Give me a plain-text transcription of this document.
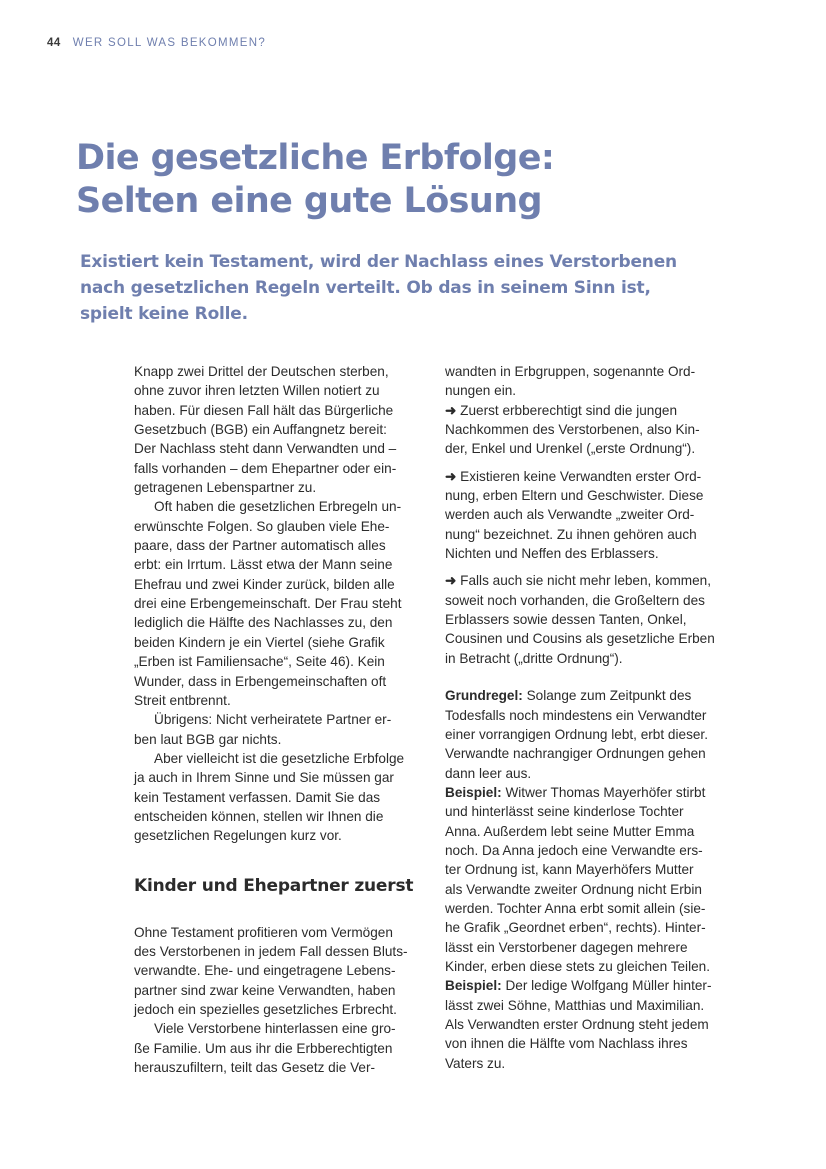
44 WER SOLL WAS BEKOMMEN?
Die gesetzliche Erbfolge:
Selten eine gute Lösung

Existiert kein Testament, wird der Nachlass eines Verstorbenen
nach gesetzlichen Regeln verteilt. Ob das in seinem Sinn ist,
spielt keine Rolle.

Knapp zwei Drittel der Deutschen sterben,
ohne zuvor ihren letzten Willen notiert zu
haben. Für diesen Fall hält das Bürgerliche
Gesetzbuch (BGB) ein Auffangnetz bereit:
Der Nachlass steht dann Verwandten und –
falls vorhanden – dem Ehepartner oder ein-
getragenen Lebenspartner zu.
Oft haben die gesetzlichen Erbregeln un-
erwünschte Folgen. So glauben viele Ehe-
paare, dass der Partner automatisch alles
erbt: ein Irrtum. Lässt etwa der Mann seine
Ehefrau und zwei Kinder zurück, bilden alle
drei eine Erbengemeinschaft. Der Frau steht
lediglich die Hälfte des Nachlasses zu, den
beiden Kindern je ein Viertel (siehe Grafik
„Erben ist Familiensache“, Seite 46). Kein
Wunder, dass in Erbengemeinschaften oft
Streit entbrennt.
Übrigens: Nicht verheiratete Partner er-
ben laut BGB gar nichts.
Aber vielleicht ist die gesetzliche Erbfolge
ja auch in Ihrem Sinne und Sie müssen gar
kein Testament verfassen. Damit Sie das
entscheiden können, stellen wir Ihnen die
gesetzlichen Regelungen kurz vor.
Kinder und Ehepartner zuerst
Ohne Testament profitieren vom Vermögen
des Verstorbenen in jedem Fall dessen Bluts-
verwandte. Ehe- und eingetragene Lebens-
partner sind zwar keine Verwandten, haben
jedoch ein spezielles gesetzliches Erbrecht.
Viele Verstorbene hinterlassen eine gro-
ße Familie. Um aus ihr die Erbberechtigten
herauszufiltern, teilt das Gesetz die Ver-
wandten in Erbgruppen, sogenannte Ord-
nungen ein.
➜ Zuerst erbberechtigt sind die jungen
Nachkommen des Verstorbenen, also Kin-
der, Enkel und Urenkel („erste Ordnung“).
➜ Existieren keine Verwandten erster Ord-
nung, erben Eltern und Geschwister. Diese
werden auch als Verwandte „zweiter Ord-
nung“ bezeichnet. Zu ihnen gehören auch
Nichten und Neffen des Erblassers.
➜ Falls auch sie nicht mehr leben, kommen,
soweit noch vorhanden, die Großeltern des
Erblassers sowie dessen Tanten, Onkel,
Cousinen und Cousins als gesetzliche Erben
in Betracht („dritte Ordnung“).
Grundregel: Solange zum Zeitpunkt des
Todesfalls noch mindestens ein Verwandter
einer vorrangigen Ordnung lebt, erbt dieser.
Verwandte nachrangiger Ordnungen gehen
dann leer aus.
Beispiel: Witwer Thomas Mayerhöfer stirbt
und hinterlässt seine kinderlose Tochter
Anna. Außerdem lebt seine Mutter Emma
noch. Da Anna jedoch eine Verwandte ers-
ter Ordnung ist, kann Mayerhöfers Mutter
als Verwandte zweiter Ordnung nicht Erbin
werden. Tochter Anna erbt somit allein (sie-
he Grafik „Geordnet erben“, rechts). Hinter-
lässt ein Verstorbener dagegen mehrere
Kinder, erben diese stets zu gleichen Teilen.
Beispiel: Der ledige Wolfgang Müller hinter-
lässt zwei Söhne, Matthias und Maximilian.
Als Verwandten erster Ordnung steht jedem
von ihnen die Hälfte vom Nachlass ihres
Vaters zu.
